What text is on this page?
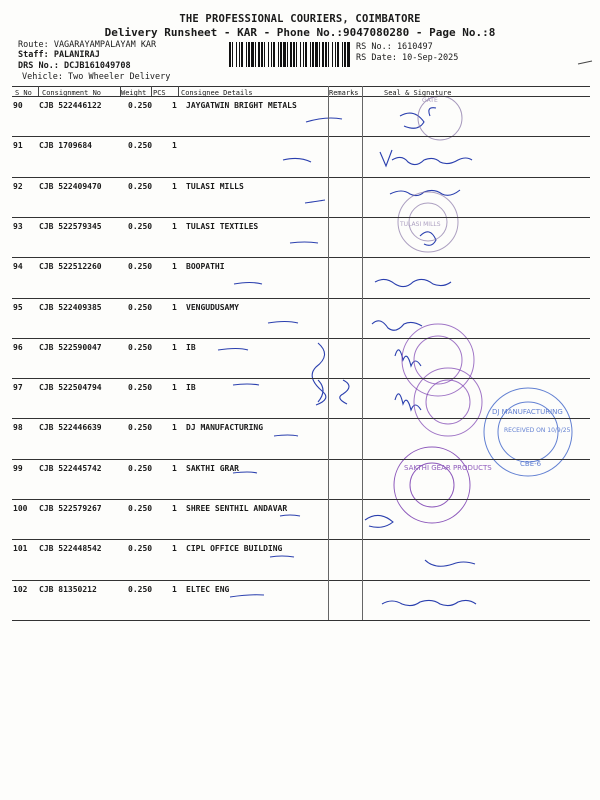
THE PROFESSIONAL COURIERS, COIMBATORE
Delivery Runsheet - KAR - Phone No.:9047080280 - Page No.:8
Route: VAGARAYAMPALAYAM KAR
Staff: PALANIRAJ
DRS No.: DCJB161049708
Vehicle: Two Wheeler Delivery
RS No.: 1610497
RS Date: 10-Sep-2025
S No Consignment No	Weight PCS Consignee Details	Remarks	Seal & Signature
90 CJB 522446122	0.250 1 JAYGATWIN BRIGHT METALS
91 CJB 1709684	0.250 1
92 CJB 522409470	0.250 1 TULASI MILLS
93 CJB 522579345	0.250 1 TULASI TEXTILES
94 CJB 522512260	0.250 1 BOOPATHI
95 CJB 522409385	0.250 1 VENGUDUSAMY
96 CJB 522590047	0.250 1 IB
97 CJB 522504794	0.250 1 IB
98 CJB 522446639	0.250 1 DJ MANUFACTURING
99 CJB 522445742	0.250 1 SAKTHI GRAR
100 CJB 522579267	0.250 1 SHREE SENTHIL ANDAVAR
101 CJB 522448542	0.250 1 CIPL OFFICE BUILDING
102 CJB 81350212	0.250 1 ELTEC ENG
Sarathavan	V. Ramalingam
9715541196
D. Jyoti
D.Ra
10/9/25
கோபால் பாலன் 7598141442
D.Murthy 9042667574
Manjula
367845047
8344229166
P. Selvakumar
9699353216
GATE
TULASI MILLS
DJ MANUFACTURING
RECEIVED ON 10/9/25
CBE-6
SAKTHI GEAR PRODUCTS
